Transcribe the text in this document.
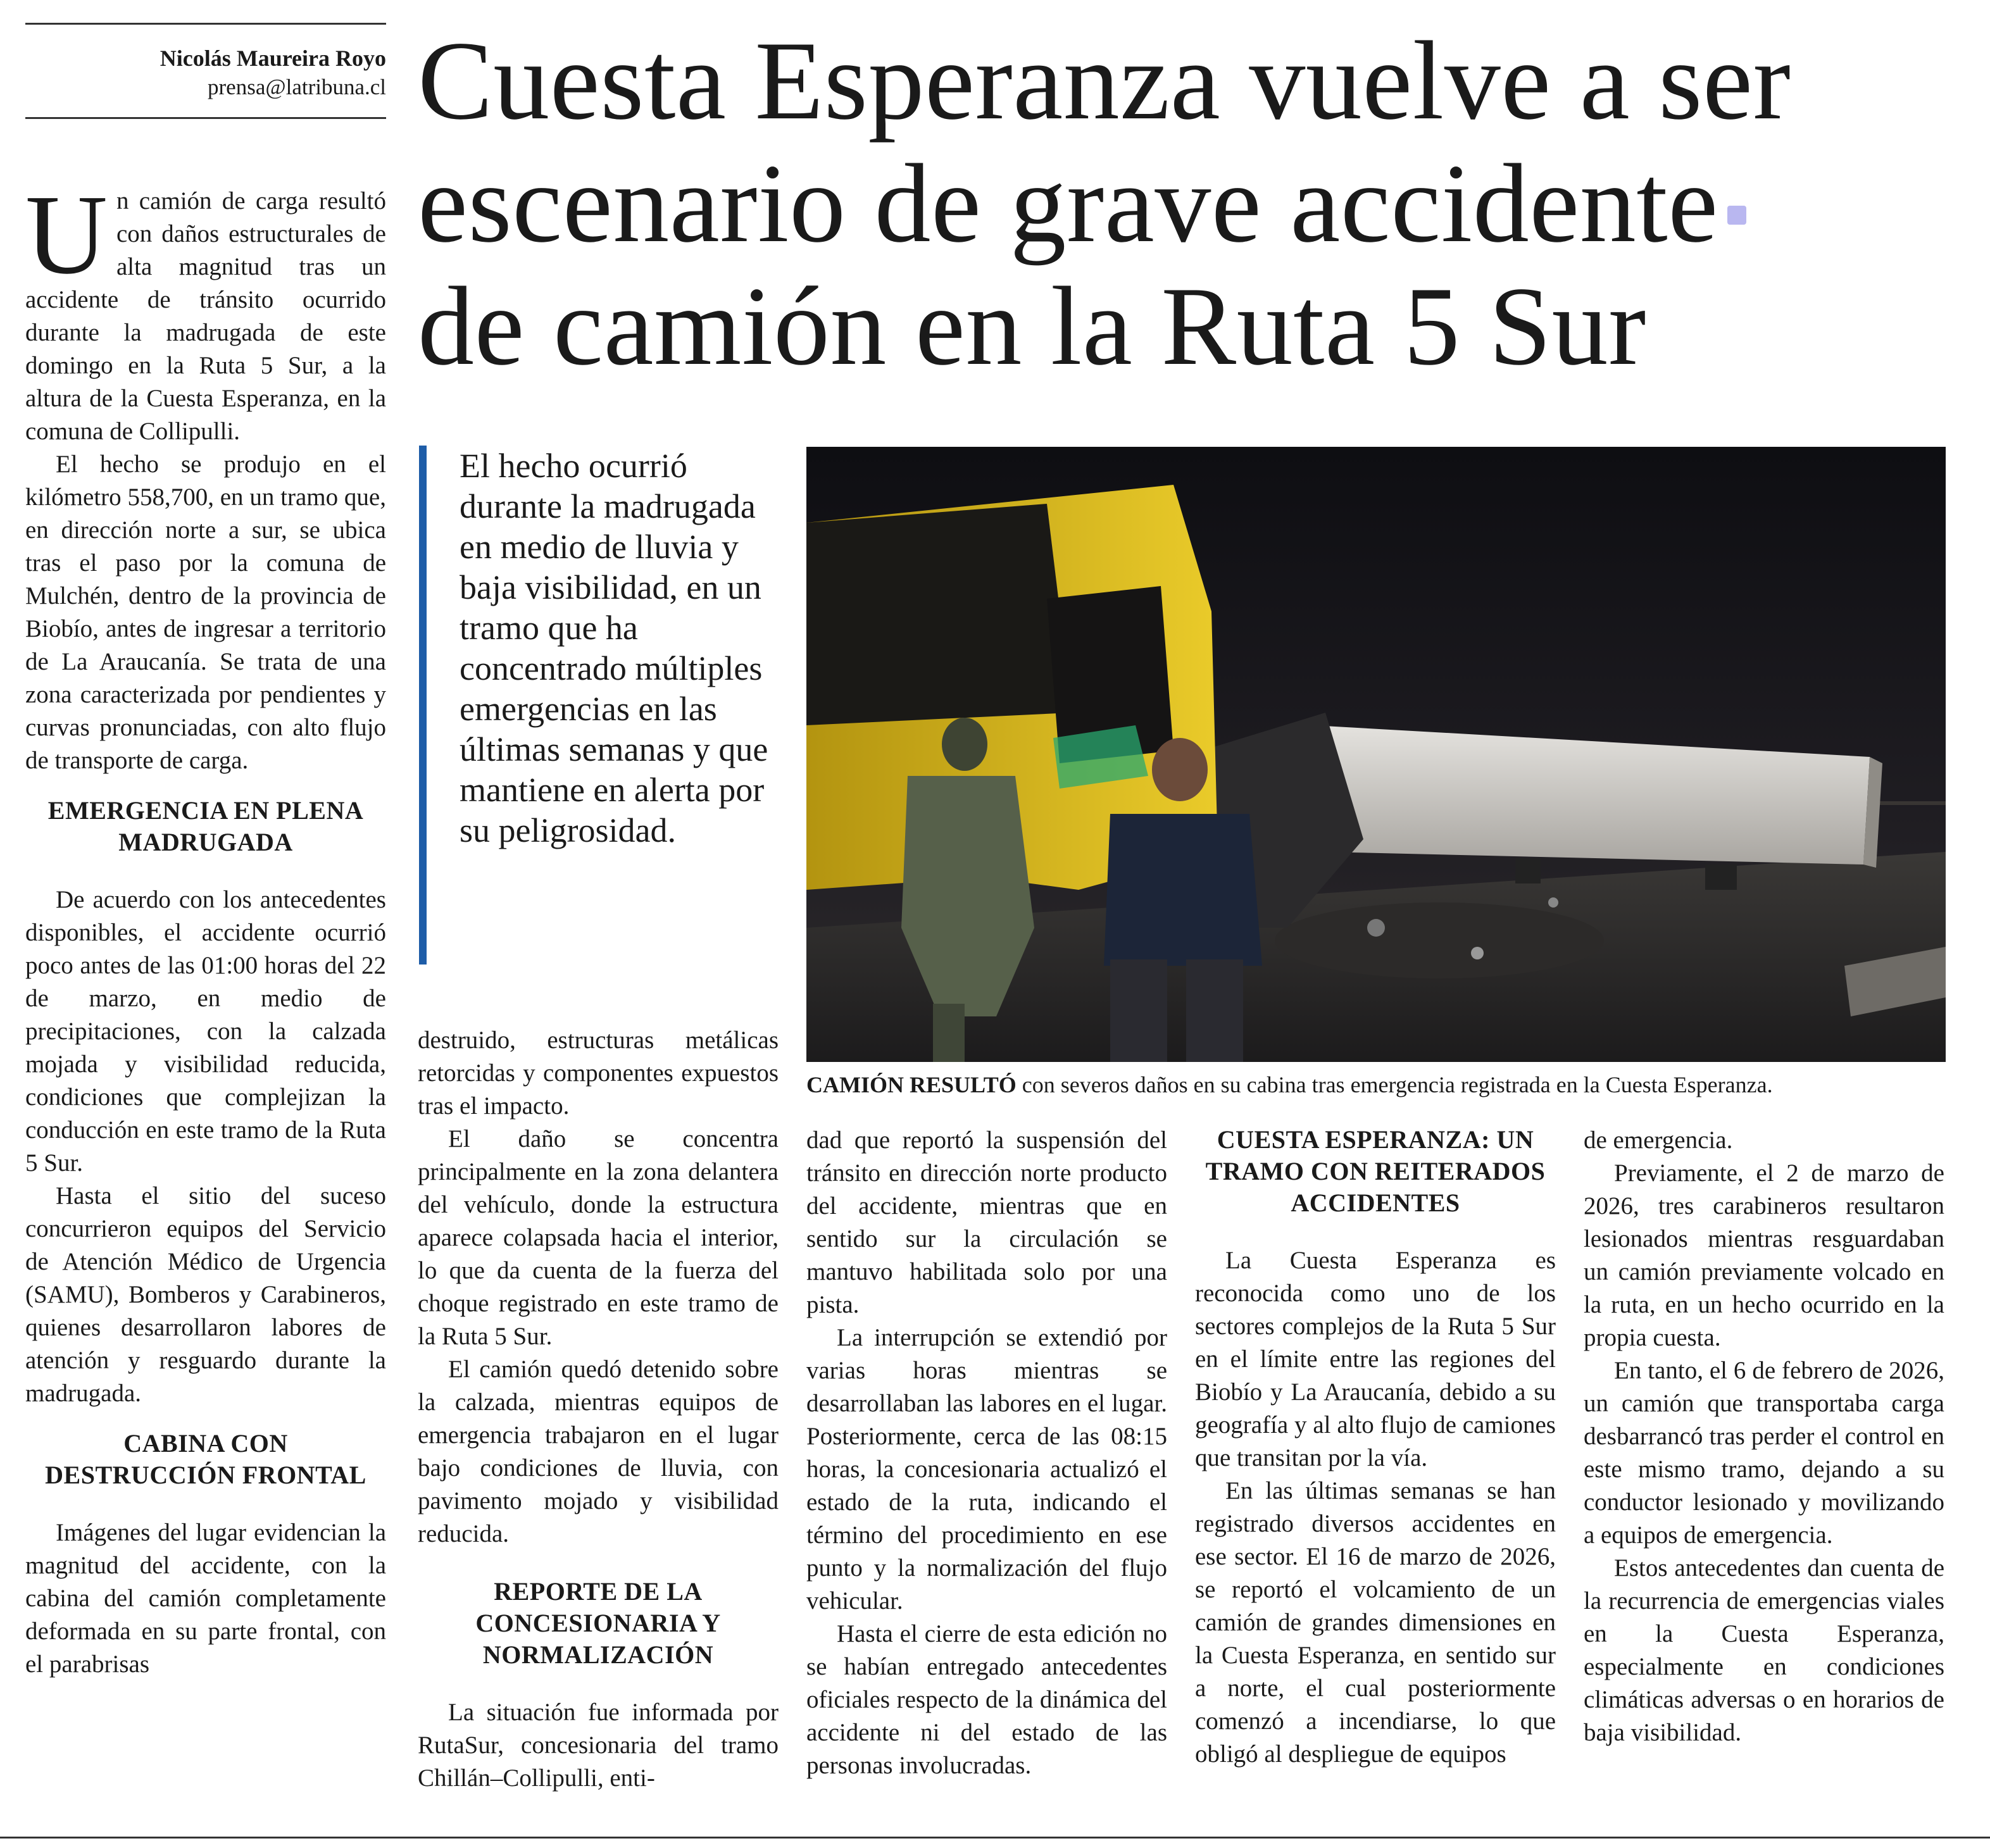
Nicolás Maureira Royo
prensa@latribuna.cl Cuesta Esperanza vuelve a ser
escenario de grave accidente
de camión en la Ruta 5 Sur

Un camión de carga resultó con daños estructurales de alta magnitud tras un accidente de tránsito ocurrido durante la madrugada de este domingo en la Ruta 5 Sur, a la altura de la Cuesta Esperanza, en la comuna de Collipulli.

El hecho se produjo en el kilómetro 558,700, en un tramo que, en dirección norte a sur, se ubica tras el paso por la comuna de Mulchén, dentro de la provincia de Biobío, antes de ingresar a territorio de La Araucanía. Se trata de una zona caracterizada por pendientes y curvas pronunciadas, con alto flujo de transporte de carga.

EMERGENCIA EN PLENA MADRUGADA

De acuerdo con los antecedentes disponibles, el accidente ocurrió poco antes de las 01:00 horas del 22 de marzo, en medio de precipitaciones, con la calzada mojada y visibilidad reducida, condiciones que complejizan la conducción en este tramo de la Ruta 5 Sur.

Hasta el sitio del suceso concurrieron equipos del Servicio de Atención Médico de Urgencia (SAMU), Bomberos y Carabineros, quienes desarrollaron labores de atención y resguardo durante la madrugada.

CABINA CON DESTRUCCIÓN FRONTAL

Imágenes del lugar evidencian la magnitud del accidente, con la cabina del camión completamente deformada en su parte frontal, con el parabrisas

El hecho ocurrió durante la madrugada en medio de lluvia y baja visibilidad, en un tramo que ha concentrado múltiples emergencias en las últimas semanas y que mantiene en alerta por su peligrosidad.
CAMIÓN RESULTÓ con severos daños en su cabina tras emergencia registrada en la Cuesta Esperanza.

destruido, estructuras metálicas retorcidas y componentes expuestos tras el impacto.

El daño se concentra principalmente en la zona delantera del vehículo, donde la estructura aparece colapsada hacia el interior, lo que da cuenta de la fuerza del choque registrado en este tramo de la Ruta 5 Sur.

El camión quedó detenido sobre la calzada, mientras equipos de emergencia trabajaron en el lugar bajo condiciones de lluvia, con pavimento mojado y visibilidad reducida.

REPORTE DE LA CONCESIONARIA Y NORMALIZACIÓN

La situación fue informada por RutaSur, concesionaria del tramo Chillán–Collipulli, enti-

dad que reportó la suspensión del tránsito en dirección norte producto del accidente, mientras que en sentido sur la circulación se mantuvo habilitada solo por una pista.

La interrupción se extendió por varias horas mientras se desarrollaban las labores en el lugar. Posteriormente, cerca de las 08:15 horas, la concesionaria actualizó el estado de la ruta, indicando el término del procedimiento en ese punto y la normalización del flujo vehicular.

Hasta el cierre de esta edición no se habían entregado antecedentes oficiales respecto de la dinámica del accidente ni del estado de las personas involucradas.

CUESTA ESPERANZA: UN TRAMO CON REITERADOS ACCIDENTES

La Cuesta Esperanza es reconocida como uno de los sectores complejos de la Ruta 5 Sur en el límite entre las regiones del Biobío y La Araucanía, debido a su geografía y al alto flujo de camiones que transitan por la vía.

En las últimas semanas se han registrado diversos accidentes en ese sector. El 16 de marzo de 2026, se reportó el volcamiento de un camión de grandes dimensiones en la Cuesta Esperanza, en sentido sur a norte, el cual posteriormente comenzó a incendiarse, lo que obligó al despliegue de equipos

de emergencia.

Previamente, el 2 de marzo de 2026, tres carabineros resultaron lesionados mientras resguardaban un camión previamente volcado en la ruta, en un hecho ocurrido en la propia cuesta.

En tanto, el 6 de febrero de 2026, un camión que transportaba carga desbarrancó tras perder el control en este mismo tramo, dejando a su conductor lesionado y movilizando a equipos de emergencia.

Estos antecedentes dan cuenta de la recurrencia de emergencias viales en la Cuesta Esperanza, especialmente en condiciones climáticas adversas o en horarios de baja visibilidad.
